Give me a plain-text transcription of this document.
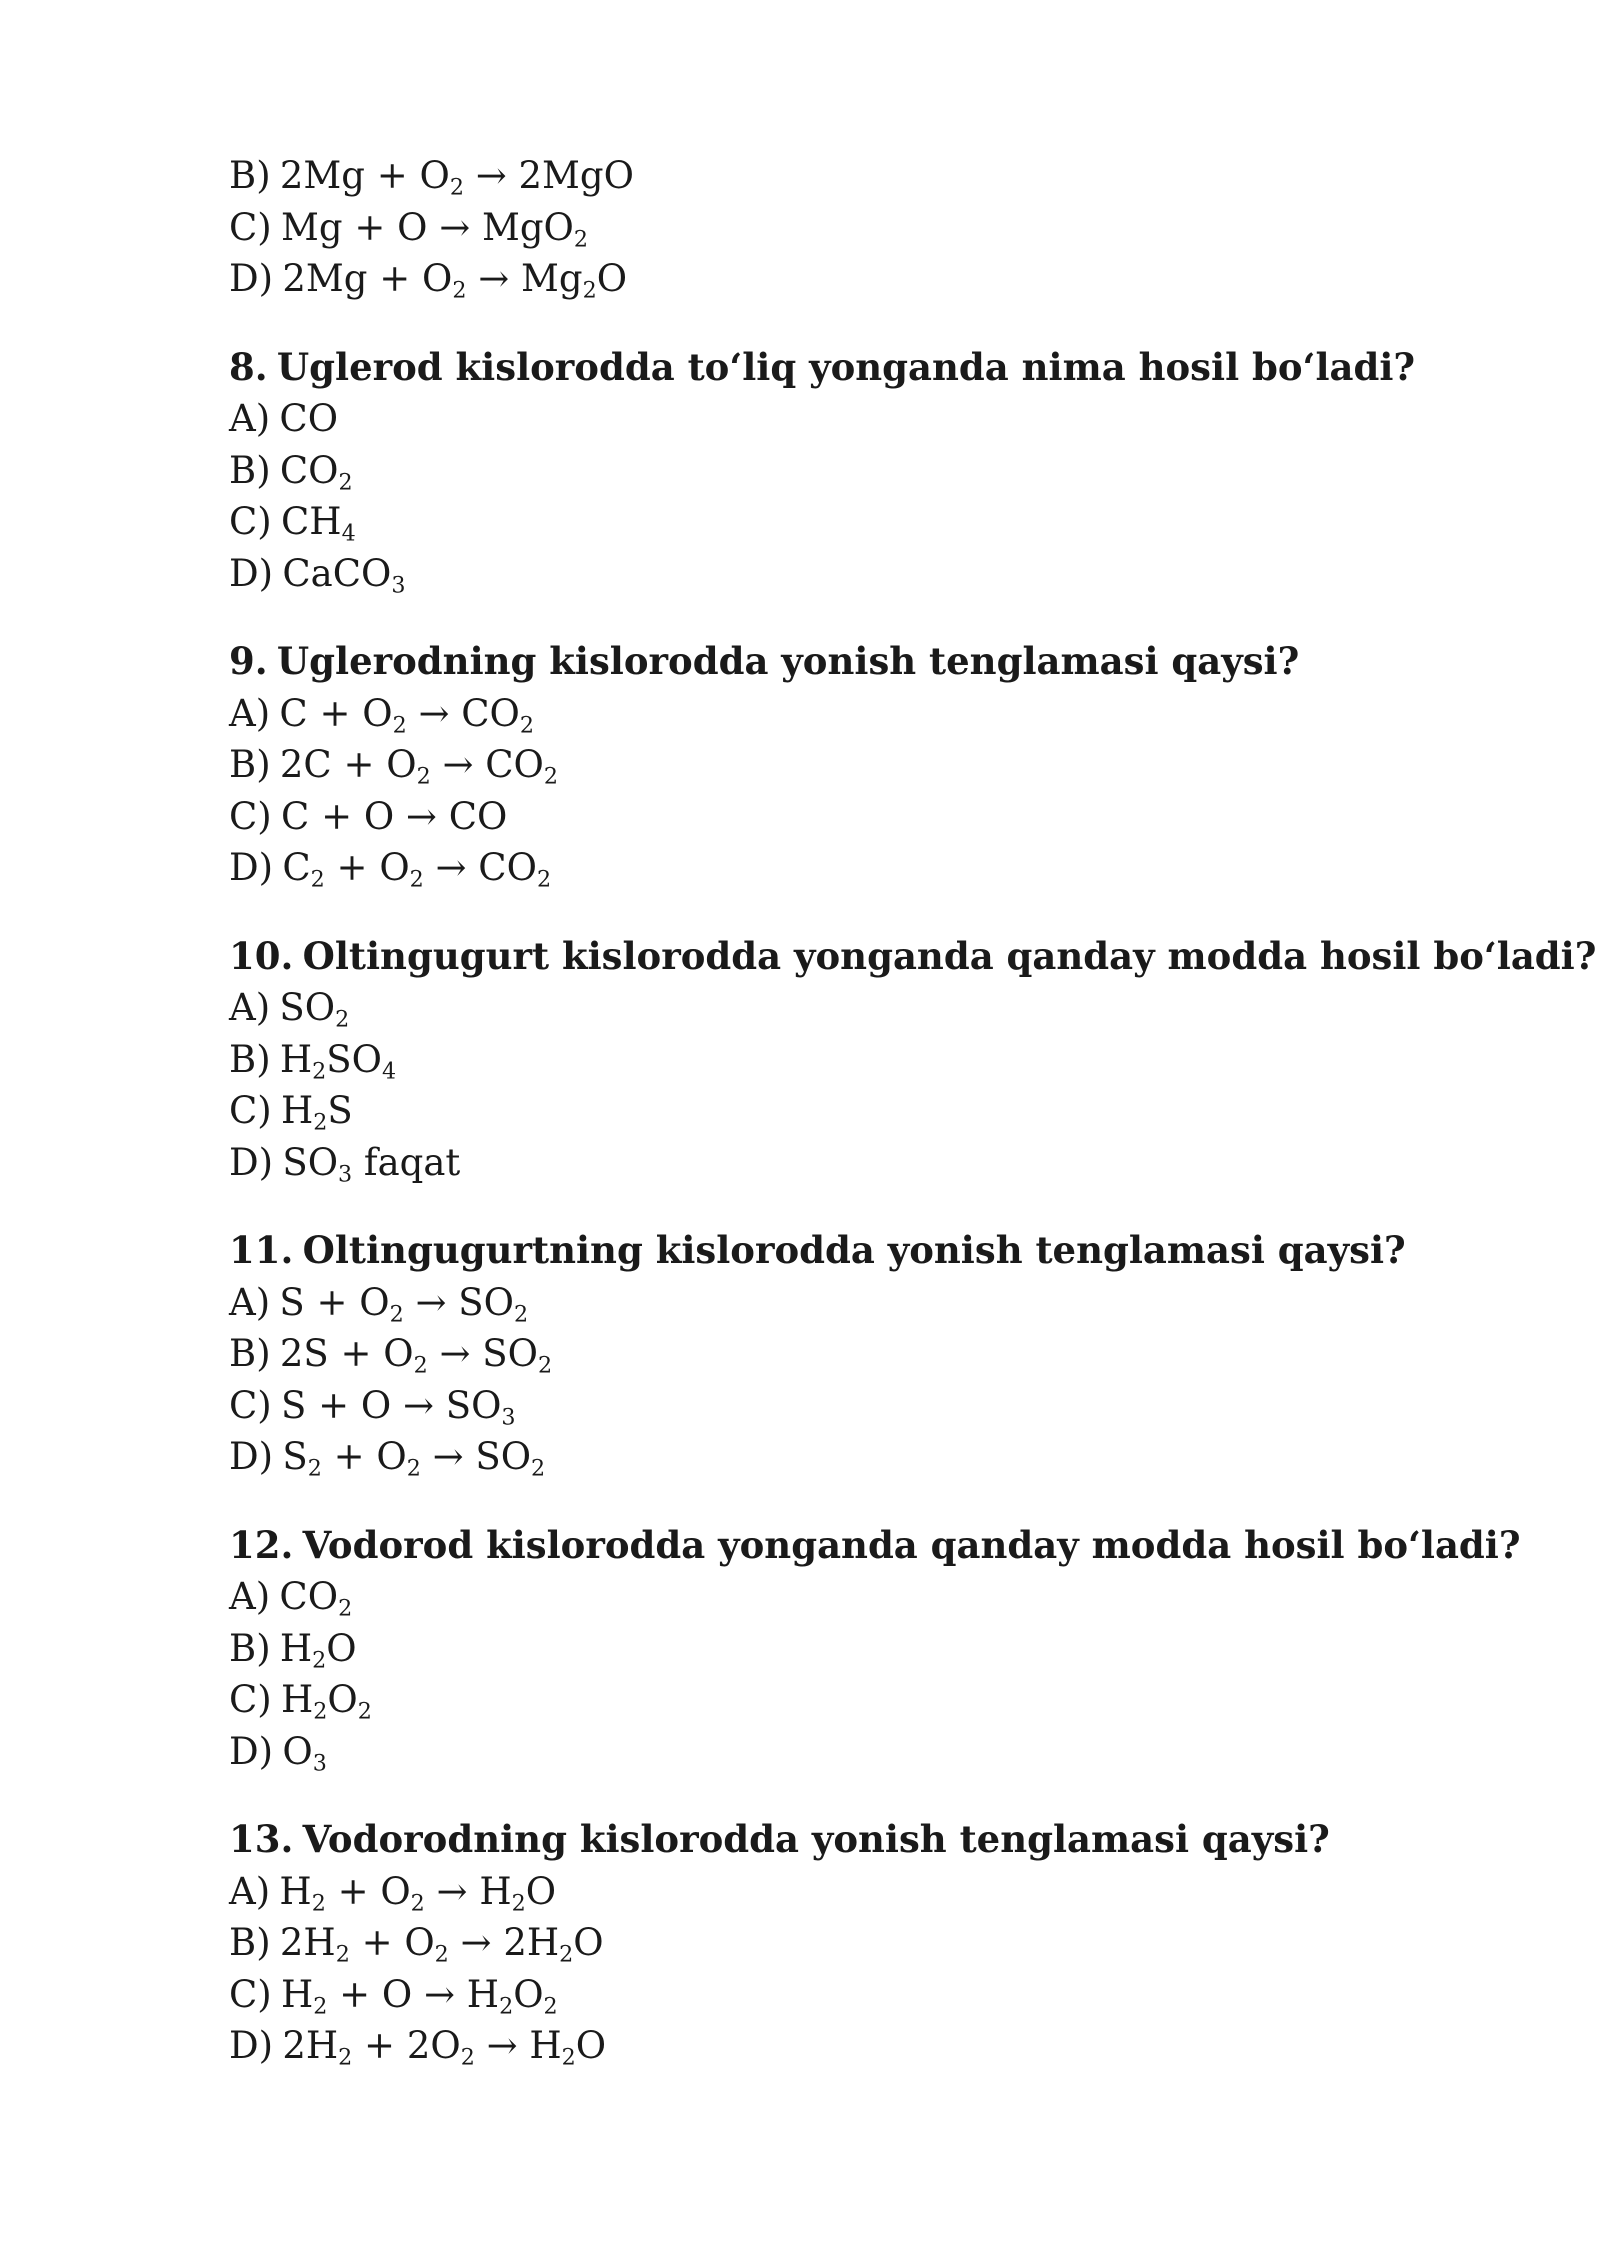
B) $2Mg + O_2 \to 2MgO$
C) Mg + O → MgO$_2$
D) $2Mg + O_2 \to Mg_2O$
8. Uglerod kislorodda to‘liq yonganda nima hosil bo‘ladi?
A) CO
B) $CO_2$
C) $CH_4$
D) CaCO$_3$
9. Uglerodning kislorodda yonish tenglamasi qaysi?
A) $C + O_2 \to CO_2$
B) $2C + O_2 \to CO_2$
C) C + O → CO
D) $C_2 + O_2 \to CO_2$
10. Oltingugurt kislorodda yonganda qanday modda hosil bo‘ladi?
A) $SO_2$
B) $H_2SO_4$
C) $H_2S$
D) $SO_3$ faqat
11. Oltingugurtning kislorodda yonish tenglamasi qaysi?
A) $S + O_2 \to SO_2$
B) $2S + O_2 \to SO_2$
C) $S + O \to SO_3$
D) $S_2 + O_2 \to SO_2$
12. Vodorod kislorodda yonganda qanday modda hosil bo‘ladi?
A) $CO_2$
B) $H_2O$
C) $H_2O_2$
D) $O_3$
13. Vodorodning kislorodda yonish tenglamasi qaysi?
A) $H_2 + O_2 \to H_2O$
B) $2H_2 + O_2 \to 2H_2O$
C) $H_2 + O \to H_2O_2$
D) $2H_2 + 2O_2 \to H_2O$
